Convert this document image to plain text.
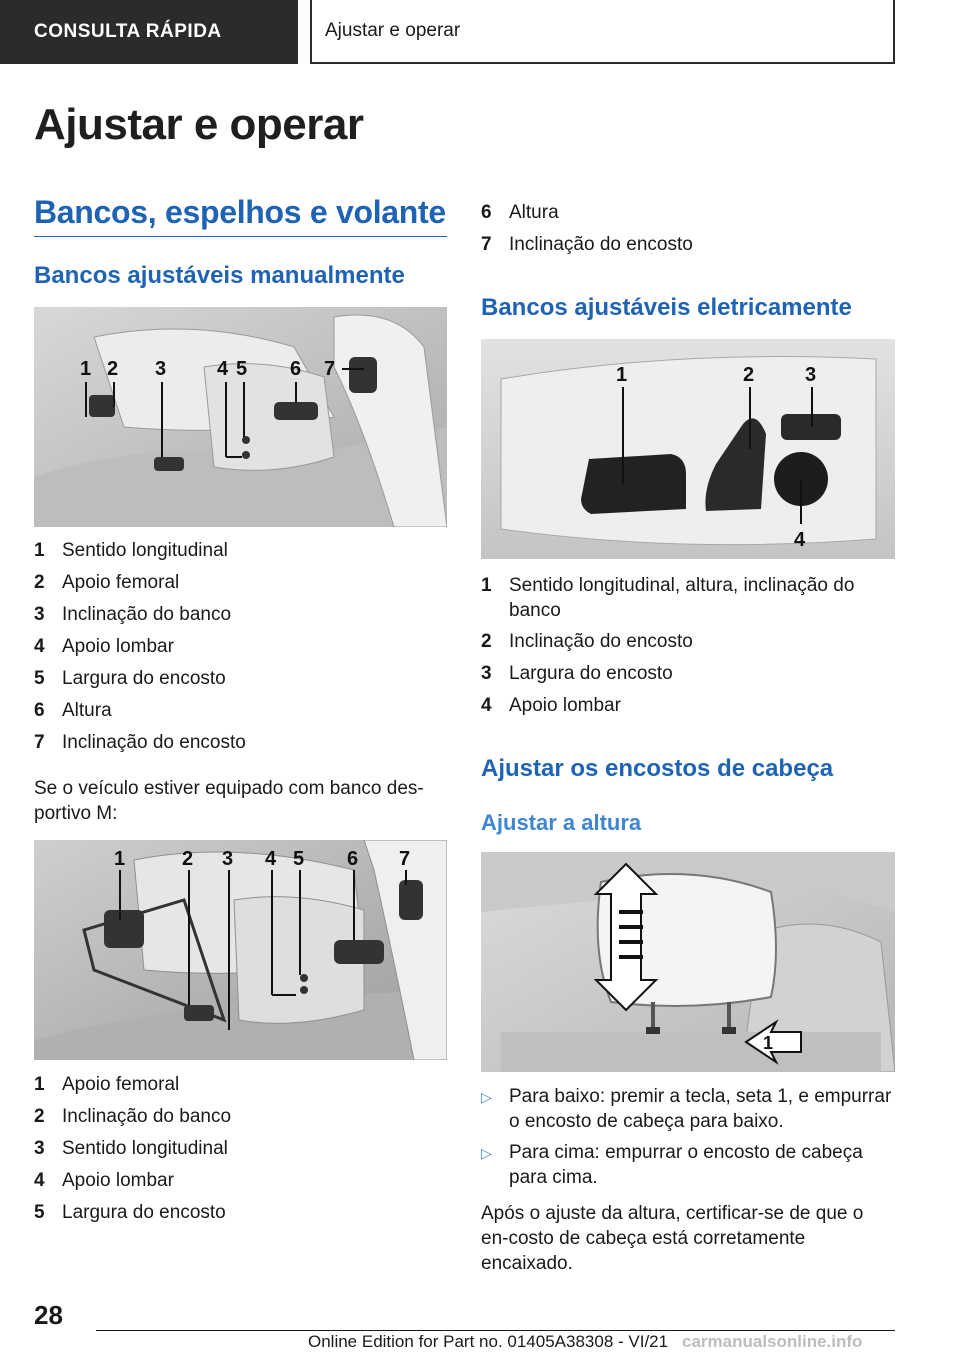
CONSULTA RÁPIDA	Ajustar e operar
Ajustar e operar
Bancos, espelhos e volante
Bancos ajustáveis manualmente
1 2 3	4 5 6 7
1 Sentido longitudinal
2 Apoio femoral
3 Inclinação do banco
4 Apoio lombar
5 Largura do encosto
6 Altura
7 Inclinação do encosto
Se o veículo estiver equipado com banco des-portivo M:
1	2 3 4 5 6 7
1 Apoio femoral
2 Inclinação do banco
3 Sentido longitudinal
4 Apoio lombar
5 Largura do encosto
6 Altura
7 Inclinação do encosto
Bancos ajustáveis eletricamente
1	2	3
4
1 Sentido longitudinal, altura, inclinação do banco
2 Inclinação do encosto
3 Largura do encosto
4 Apoio lombar
Ajustar os encostos de cabeça
Ajustar a altura
1
▷ Para baixo: premir a tecla, seta 1, e empurrar o encosto de cabeça para baixo.
▷ Para cima: empurrar o encosto de cabeça para cima.
Após o ajuste da altura, certificar-se de que o en-costo de cabeça está corretamente encaixado.
28
Online Edition for Part no. 01405A38308 - VI/21 carmanualsonline.info
